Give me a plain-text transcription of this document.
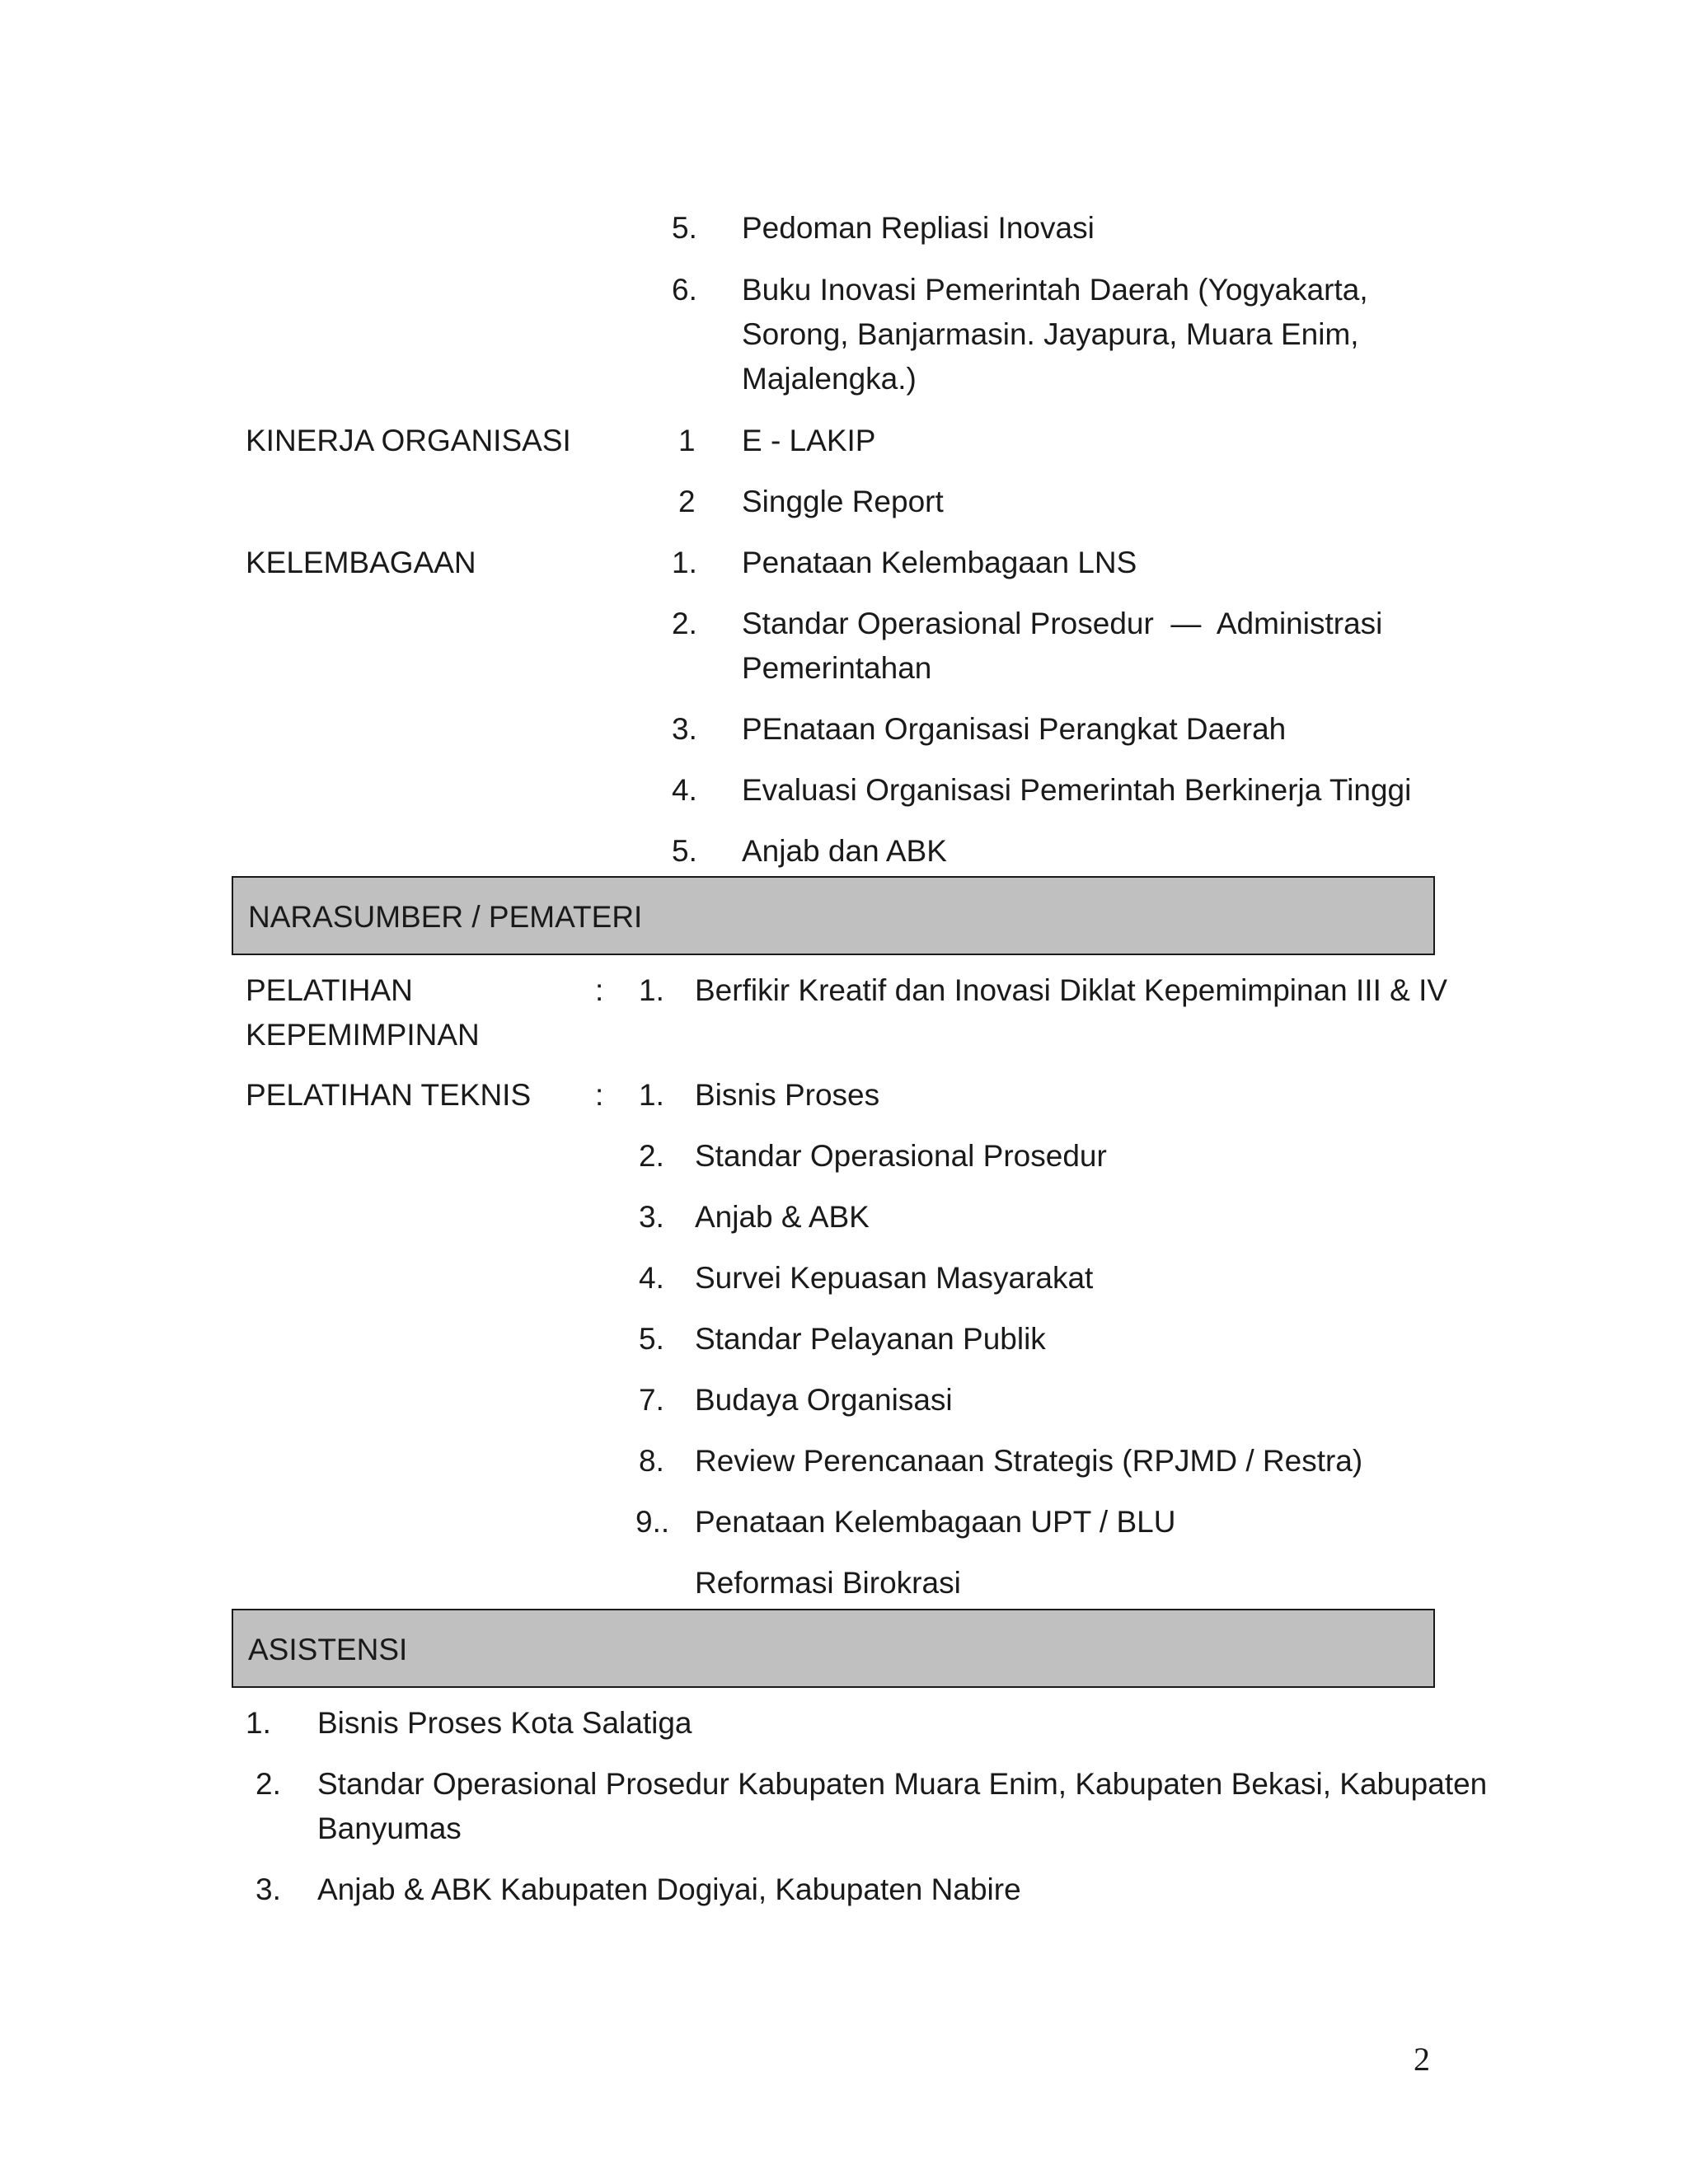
5. Pedoman Repliasi Inovasi
6. Buku Inovasi Pemerintah Daerah (Yogyakarta,
Sorong, Banjarmasin. Jayapura, Muara Enim,
Majalengka.)
KINERJA ORGANISASI	1 E - LAKIP
2 Singgle Report
KELEMBAGAAN	1. Penataan Kelembagaan LNS
2. Standar Operasional Prosedur  —  Administrasi
Pemerintahan
3. PEnataan Organisasi Perangkat Daerah
4. Evaluasi Organisasi Pemerintah Berkinerja Tinggi
5. Anjab dan ABK
NARASUMBER / PEMATERI
PELATIHAN
KEPEMIMPINAN
: 1. Berfikir Kreatif dan Inovasi Diklat Kepemimpinan III & IV
PELATIHAN TEKNIS : 1. Bisnis Proses
2. Standar Operasional Prosedur
3. Anjab & ABK
4. Survei Kepuasan Masyarakat
5. Standar Pelayanan Publik
7. Budaya Organisasi
8. Review Perencanaan Strategis (RPJMD / Restra)
9.. Penataan Kelembagaan UPT / BLU
Reformasi Birokrasi
ASISTENSI
1. Bisnis Proses Kota Salatiga
2. Standar Operasional Prosedur Kabupaten Muara Enim, Kabupaten Bekasi, Kabupaten
Banyumas
3. Anjab & ABK Kabupaten Dogiyai, Kabupaten Nabire
2
